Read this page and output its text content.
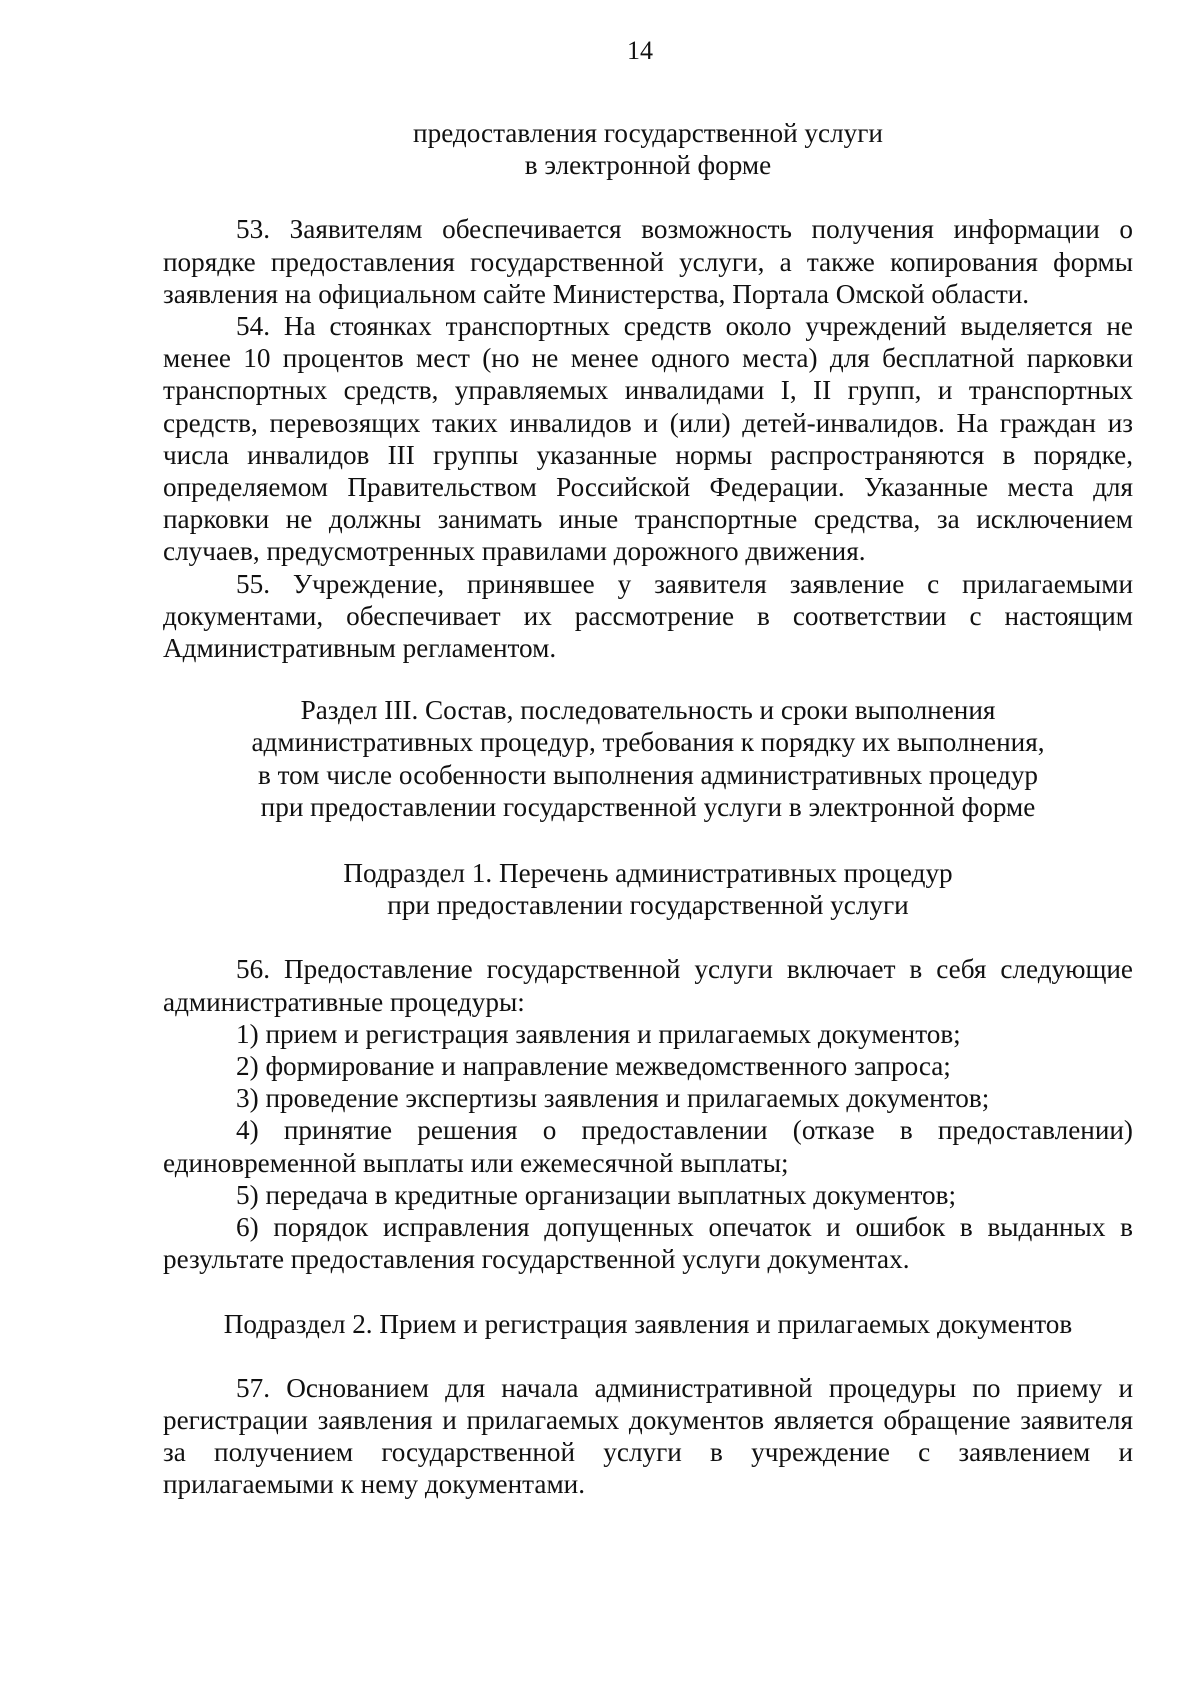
14
предоставления государственной услуги
в электронной форме

53. Заявителям обеспечивается возможность получения информации о порядке предоставления государственной услуги, а также копирования формы заявления на официальном сайте Министерства, Портала Омской области.

54. На стоянках транспортных средств около учреждений выделяется не менее 10 процентов мест (но не менее одного места) для бесплатной парковки транспортных средств, управляемых инвалидами I, II групп, и транспортных средств, перевозящих таких инвалидов и (или) детей-инвалидов. На граждан из числа инвалидов III группы указанные нормы распространяются в порядке, определяемом Правительством Российской Федерации. Указанные места для парковки не должны занимать иные транспортные средства, за исключением случаев, предусмотренных правилами дорожного движения.

55. Учреждение, принявшее у заявителя заявление с прилагаемыми документами, обеспечивает их рассмотрение в соответствии с настоящим Административным регламентом.

Раздел III. Состав, последовательность и сроки выполнения
административных процедур, требования к порядку их выполнения,
в том числе особенности выполнения административных процедур
при предоставлении государственной услуги в электронной форме
Подраздел 1. Перечень административных процедур
при предоставлении государственной услуги

56. Предоставление государственной услуги включает в себя следующие административные процедуры:

1) прием и регистрация заявления и прилагаемых документов;

2) формирование и направление межведомственного запроса;

3) проведение экспертизы заявления и прилагаемых документов;

4) принятие решения о предоставлении (отказе в предоставлении) единовременной выплаты или ежемесячной выплаты;

5) передача в кредитные организации выплатных документов;

6) порядок исправления допущенных опечаток и ошибок в выданных в результате предоставления государственной услуги документах.

Подраздел 2. Прием и регистрация заявления и прилагаемых документов

57. Основанием для начала административной процедуры по приему и регистрации заявления и прилагаемых документов является обращение заявителя за получением государственной услуги в учреждение с заявлением и прилагаемыми к нему документами.
